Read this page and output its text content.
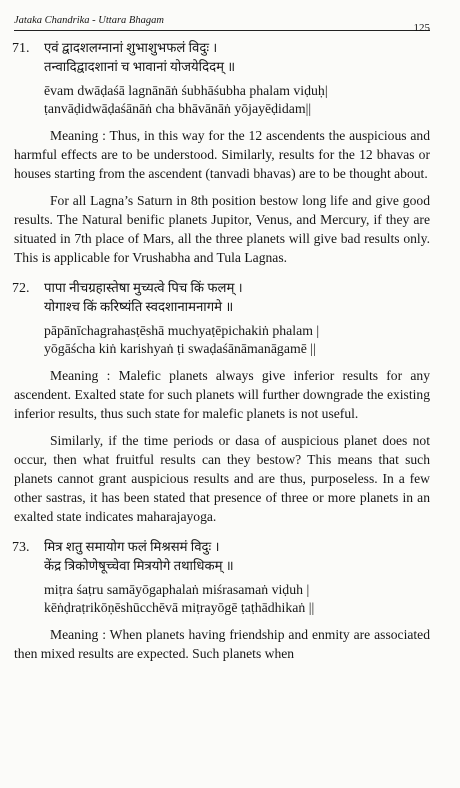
Jataka Chandrika - Uttara Bhagam
125
71. एवं द्वादशलग्नानां शुभाशुभफलं विदुः ।
तन्वादिद्वादशानां च भावानां योजयेदिदम् ॥
ēvam dwāḍaśā lagnānāṅ śubhāśubha phalam viḍuḥ|
ṭanvāḍidwāḍaśānāṅ cha bhāvānāṅ yōjayēḍidam||

Meaning : Thus, in this way for the 12 ascendents the auspicious and harmful effects are to be understood. Similarly, results for the 12 bhavas or houses starting from the ascendent (tanvadi bhavas) are to be thought about.

For all Lagna’s Saturn in 8th position bestow long life and give good results. The Natural benific planets Jupitor, Venus, and Mercury, if they are situated in 7th place of Mars, all the three planets will give bad results only. This is applicable for Vrushabha and Tula Lagnas.

72. पापा नीचग्रहास्तेषा मुच्यत्वे पिच किं फलम् ।
योगाश्च किं करिष्यंति स्वदशानामनागमे ॥
pāpānīchagrahasṭēshā muchyaṭēpichakiṅ phalam |
yōgāścha kiṅ karishyaṅ ṭi swaḍaśānāmanāgamē ||

Meaning : Malefic planets always give inferior results for any ascendent. Exalted state for such planets will further downgrade the existing inferior results, thus such state for malefic planets is not useful.

Similarly, if the time periods or dasa of auspicious planet does not occur, then what fruitful results can they bestow? This means that such planets cannot grant auspicious results and are thus, purposeless. In a few other sastras, it has been stated that presence of three or more planets in an exalted state indicates maharajayoga.

73. मित्र शतु समायोग फलं मिश्रसमं विदुः ।
केंद्र त्रिकोणेषूच्चेवा मित्रयोगे तथाधिकम् ॥
miṭra śaṭru samāyōgaphalaṅ miśrasamaṅ viḍuh |
kēṅḍraṭrikōṇēshūcchēvā miṭrayōgē ṭaṭhādhikaṅ ||

Meaning : When planets having friendship and enmity are associated then mixed results are expected. Such planets when
